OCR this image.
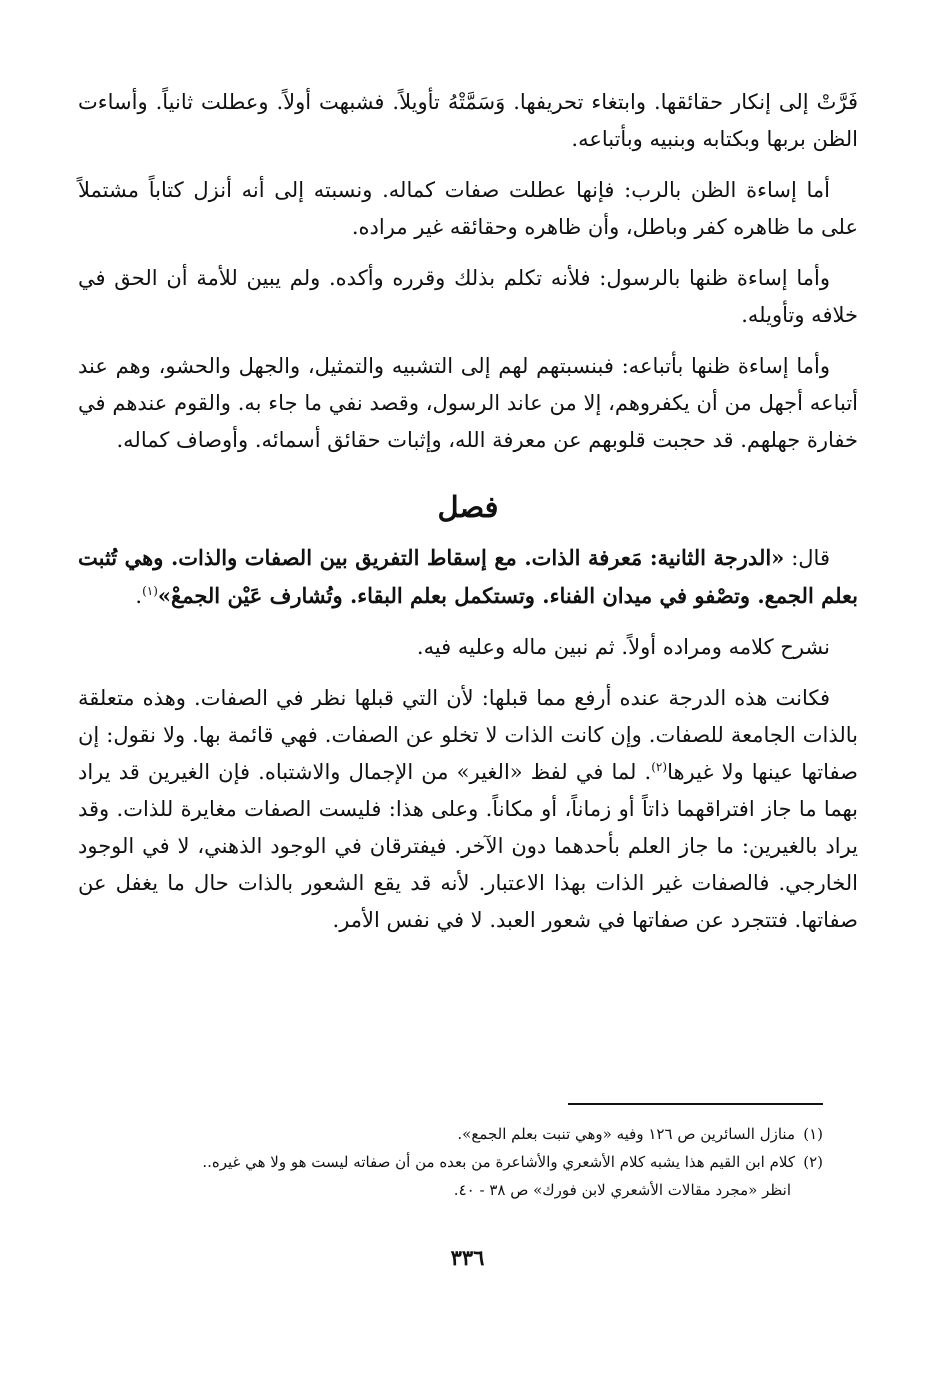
فَرَّتْ إلى إنكار حقائقها. وابتغاء تحريفها. وَسَمَّتْهُ تأويلاً. فشبهت أولاً. وعطلت ثانياً. وأساءت الظن بربها وبكتابه وبنبيه وبأتباعه.

أما إساءة الظن بالرب: فإنها عطلت صفات كماله. ونسبته إلى أنه أنزل كتاباً مشتملاً على ما ظاهره كفر وباطل، وأن ظاهره وحقائقه غير مراده.

وأما إساءة ظنها بالرسول: فلأنه تكلم بذلك وقرره وأكده. ولم يبين للأمة أن الحق في خلافه وتأويله.

وأما إساءة ظنها بأتباعه: فبنسبتهم لهم إلى التشبيه والتمثيل، والجهل والحشو، وهم عند أتباعه أجهل من أن يكفروهم، إلا من عاند الرسول، وقصد نفي ما جاء به. والقوم عندهم في خفارة جهلهم. قد حجبت قلوبهم عن معرفة الله، وإثبات حقائق أسمائه. وأوصاف كماله.

فصل

قال: «الدرجة الثانية: مَعرفة الذات. مع إسقاط التفريق بين الصفات والذات. وهي تُثبت بعلم الجمع. وتصْفو في ميدان الفناء. وتستكمل بعلم البقاء. وتُشارف عَيْن الجمعْ»$^{(١)}$.

نشرح كلامه ومراده أولاً. ثم نبين ماله وعليه فيه.

فكانت هذه الدرجة عنده أرفع مما قبلها: لأن التي قبلها نظر في الصفات. وهذه متعلقة بالذات الجامعة للصفات. وإن كانت الذات لا تخلو عن الصفات. فهي قائمة بها. ولا نقول: إن صفاتها عينها ولا غيرها$^{(٢)}$. لما في لفظ «الغير» من الإجمال والاشتباه. فإن الغيرين قد يراد بهما ما جاز افتراقهما ذاتاً أو زماناً، أو مكاناً. وعلى هذا: فليست الصفات مغايرة للذات. وقد يراد بالغيرين: ما جاز العلم بأحدهما دون الآخر. فيفترقان في الوجود الذهني، لا في الوجود الخارجي. فالصفات غير الذات بهذا الاعتبار. لأنه قد يقع الشعور بالذات حال ما يغفل عن صفاتها. فتتجرد عن صفاتها في شعور العبد. لا في نفس الأمر.

(١)منازل السائرين ص ١٢٦ وفيه «وهي تنبت بعلم الجمع».

(٢)كلام ابن القيم هذا يشبه كلام الأشعري والأشاعرة من بعده من أن صفاته ليست هو ولا هي غيره..

انظر «مجرد مقالات الأشعري لابن فورك» ص ٣٨ - ٤٠.

٣٣٦
